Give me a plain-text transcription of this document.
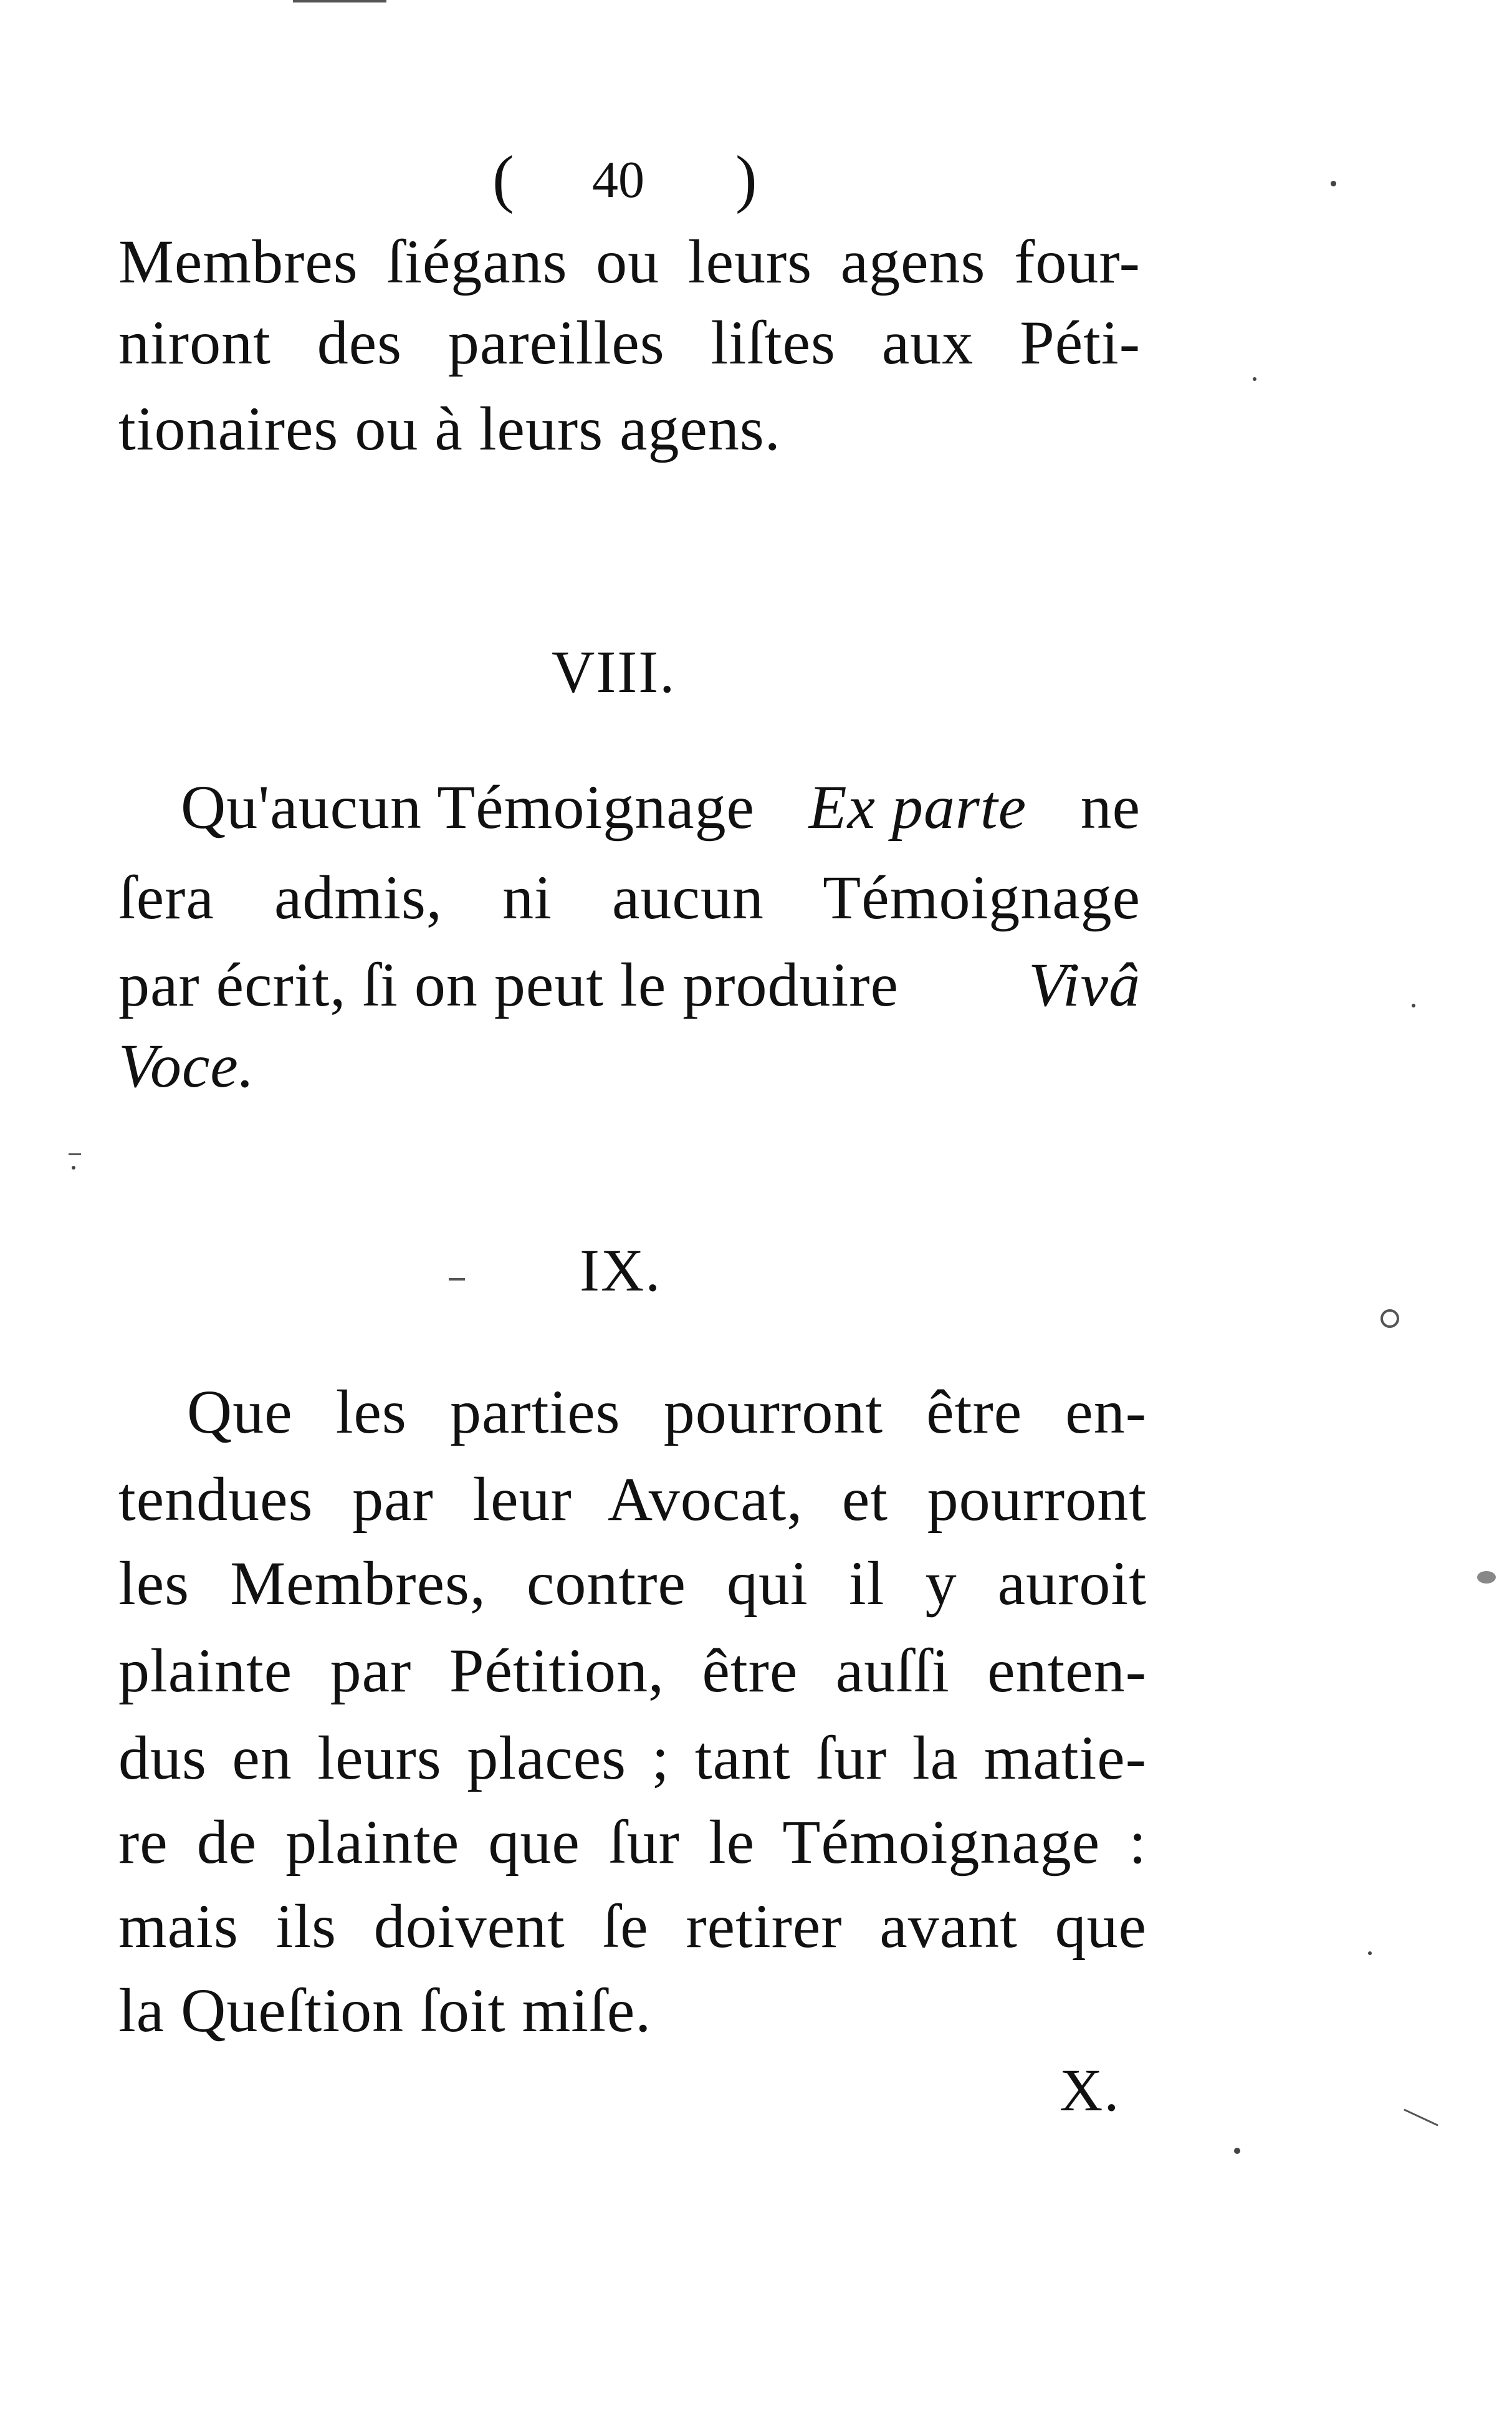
( 40 )

Membres ſiégans ou leurs agens four-

niront des pareilles liſtes aux Péti-

tionaires ou à leurs agens.

VIII.

Qu'aucun Témoignage Ex parte ne

ſera admis, ni aucun Témoignage

par écrit, ſi on peut le produire Vivâ

Voce.

IX.

Que les parties pourront être en-

tendues par leur Avocat, et pourront

les Membres, contre qui il y auroit

plainte par Pétition, être auſſi enten-

dus en leurs places ; tant ſur la matie-

re de plainte que ſur le Témoignage :

mais ils doivent ſe retirer avant que

la Queſtion ſoit miſe.

X.
